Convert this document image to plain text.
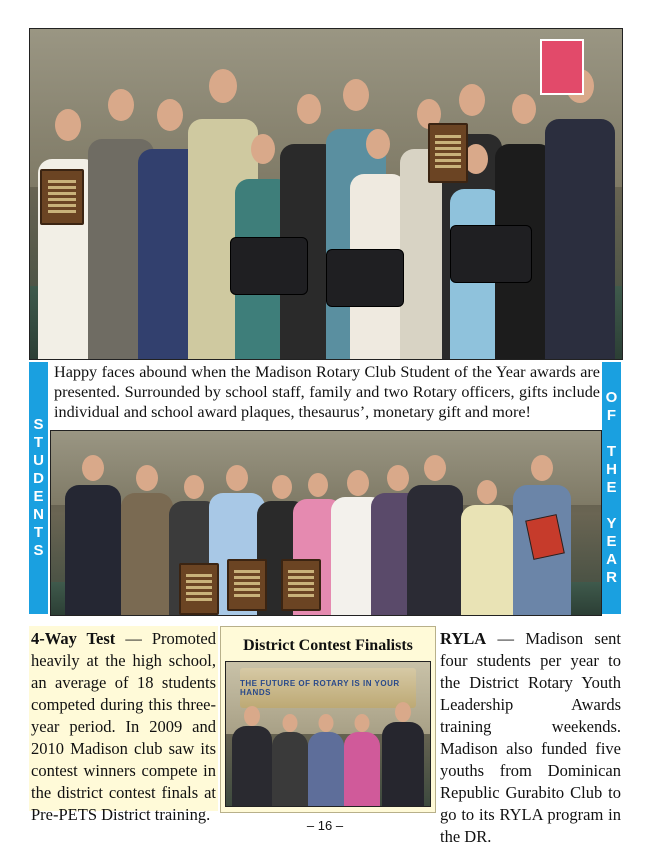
Happy faces abound when the Madison Rotary Club Student of the Year awards are presented. Surrounded by school staff, family and two Rotary officers, gifts include individual and school award plaques, thesaurus’, monetary gift and more!
S
T
U
D
E
N
T
S
O
F
T
H
E
Y
E
A
R

4-Way Test — Promoted heavily at the high school, an average of 18 students competed during this three-year period. In 2009 and 2010 Madison club saw its contest winners compete in the district contest finals at Pre-PETS District training.

District Contest Finalists
THE FUTURE OF ROTARY IS IN YOUR HANDS

RYLA — Madison sent four students per year to the District Rotary Youth Leadership Awards training weekends. Madison also funded five youths from Dominican Republic Gurabito Club to go to its RYLA program in the DR.

– 16 –
